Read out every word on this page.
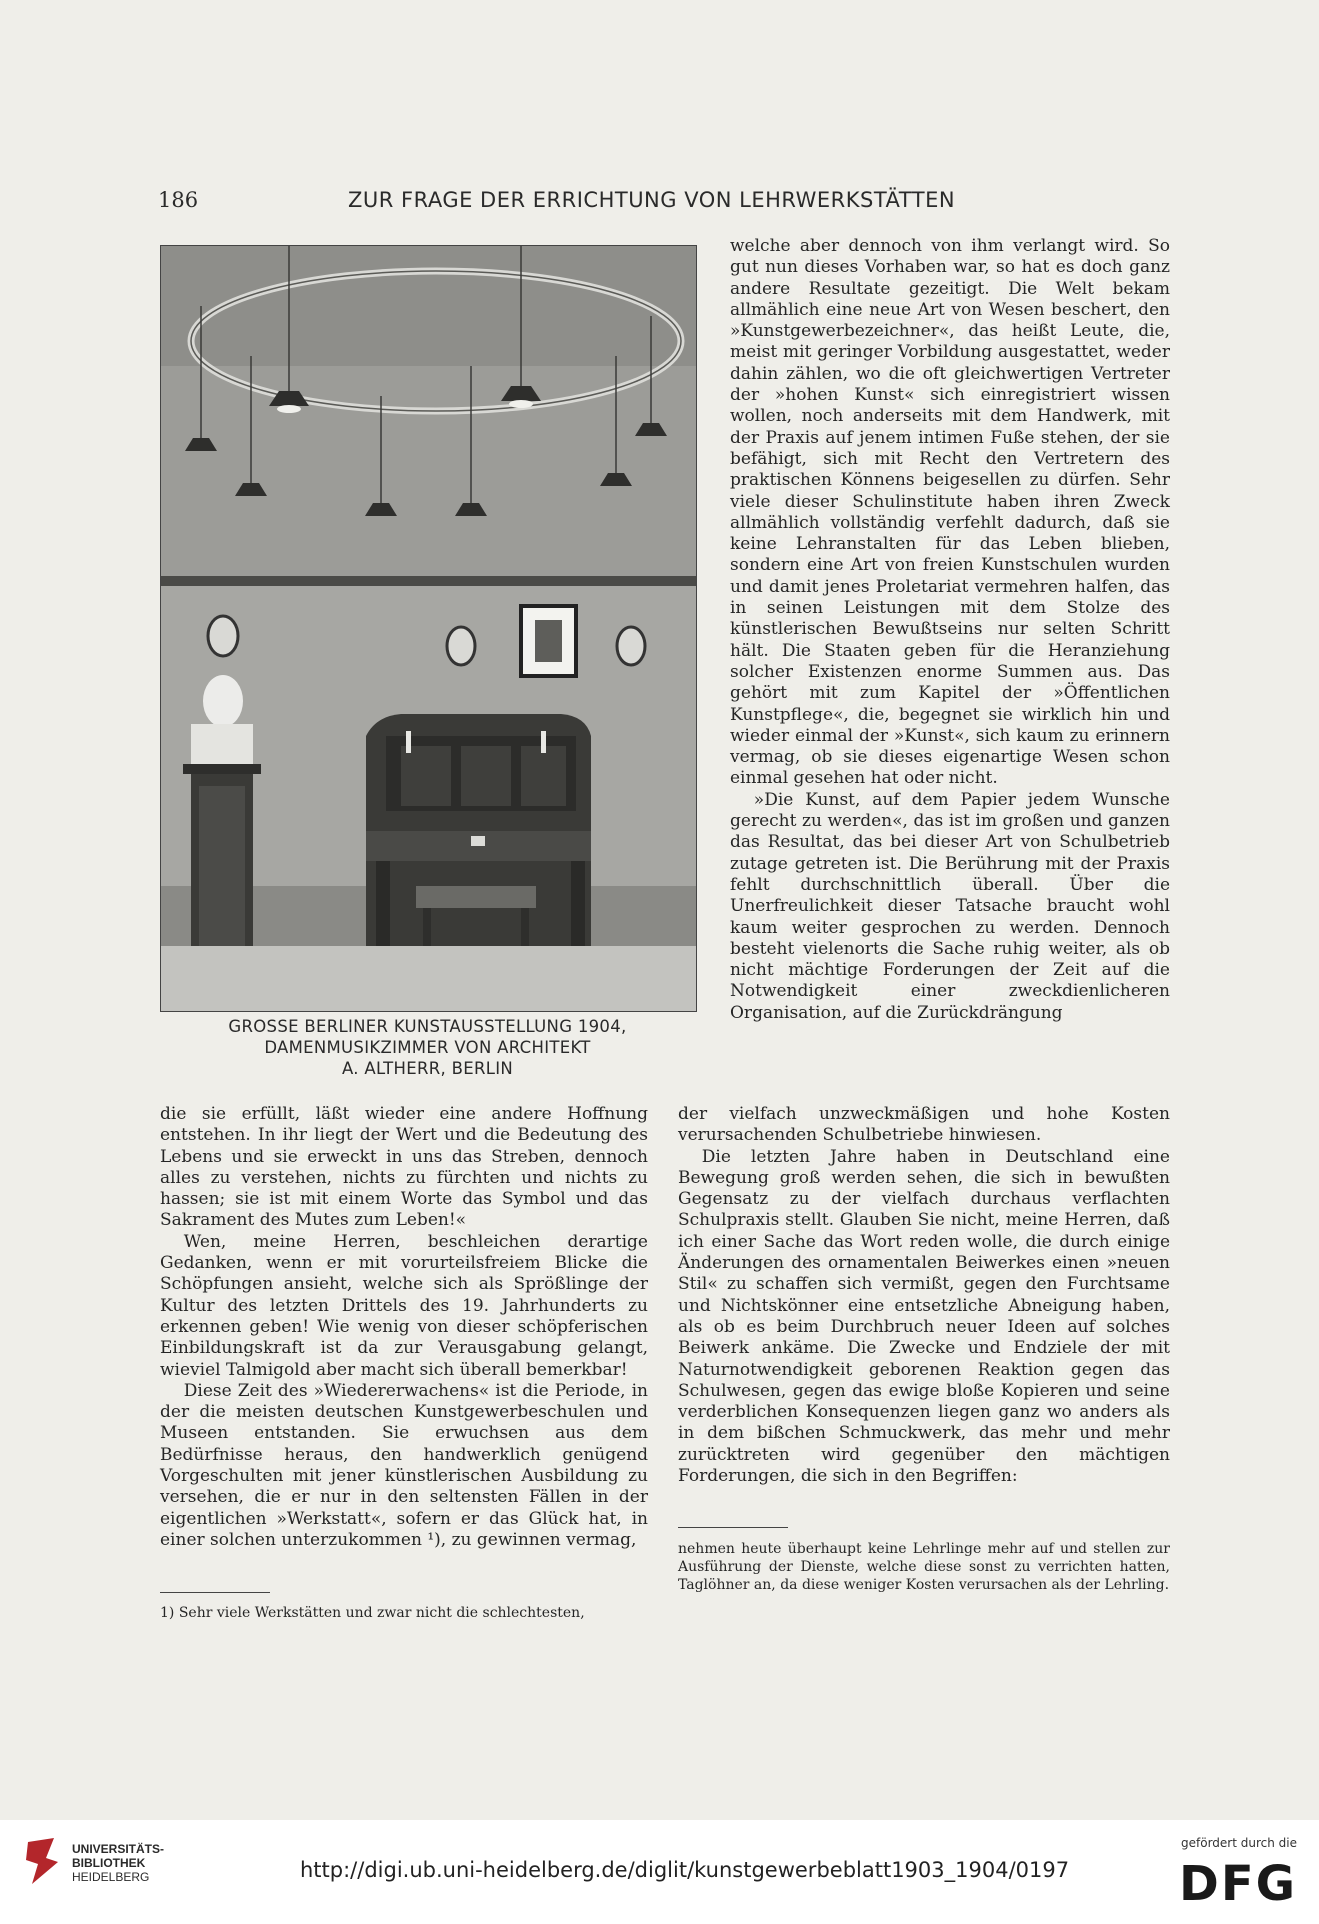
186	ZUR FRAGE DER ERRICHTUNG VON LEHRWERKSTÄTTEN
GROSSE BERLINER KUNSTAUSSTELLUNG 1904,
DAMENMUSIKZIMMER VON ARCHITEKT
A. ALTHERR, BERLIN

welche aber dennoch von ihm verlangt wird. So gut nun dieses Vorhaben war, so hat es doch ganz andere Resultate gezeitigt. Die Welt bekam allmählich eine neue Art von Wesen beschert, den »Kunstgewerbezeichner«, das heißt Leute, die, meist mit geringer Vorbildung ausgestattet, weder dahin zählen, wo die oft gleichwertigen Vertreter der »hohen Kunst« sich einregistriert wissen wollen, noch anderseits mit dem Handwerk, mit der Praxis auf jenem intimen Fuße stehen, der sie befähigt, sich mit Recht den Vertretern des praktischen Könnens beigesellen zu dürfen. Sehr viele dieser Schulinstitute haben ihren Zweck allmählich vollständig verfehlt dadurch, daß sie keine Lehranstalten für das Leben blieben, sondern eine Art von freien Kunstschulen wurden und damit jenes Proletariat vermehren halfen, das in seinen Leistungen mit dem Stolze des künstlerischen Bewußtseins nur selten Schritt hält. Die Staaten geben für die Heranziehung solcher Existenzen enorme Summen aus. Das gehört mit zum Kapitel der »Öffentlichen Kunstpflege«, die, begegnet sie wirklich hin und wieder einmal der »Kunst«, sich kaum zu erinnern vermag, ob sie dieses eigenartige Wesen schon einmal gesehen hat oder nicht.

»Die Kunst, auf dem Papier jedem Wunsche gerecht zu werden«, das ist im großen und ganzen das Resultat, das bei dieser Art von Schulbetrieb zutage getreten ist. Die Berührung mit der Praxis fehlt durchschnittlich überall. Über die Unerfreulichkeit dieser Tatsache braucht wohl kaum weiter gesprochen zu werden. Dennoch besteht vielenorts die Sache ruhig weiter, als ob nicht mächtige Forderungen der Zeit auf die Notwendigkeit einer zweckdienlicheren Organisation, auf die Zurückdrängung

die sie erfüllt, läßt wieder eine andere Hoffnung entstehen. In ihr liegt der Wert und die Bedeutung des Lebens und sie erweckt in uns das Streben, dennoch alles zu verstehen, nichts zu fürchten und nichts zu hassen; sie ist mit einem Worte das Symbol und das Sakrament des Mutes zum Leben!«

Wen, meine Herren, beschleichen derartige Gedanken, wenn er mit vorurteilsfreiem Blicke die Schöpfungen ansieht, welche sich als Sprößlinge der Kultur des letzten Drittels des 19. Jahrhunderts zu erkennen geben! Wie wenig von dieser schöpferischen Einbildungskraft ist da zur Verausgabung gelangt, wieviel Talmigold aber macht sich überall bemerkbar!

Diese Zeit des »Wiedererwachens« ist die Periode, in der die meisten deutschen Kunstgewerbeschulen und Museen entstanden. Sie erwuchsen aus dem Bedürfnisse heraus, den handwerklich genügend Vorgeschulten mit jener künstlerischen Ausbildung zu versehen, die er nur in den seltensten Fällen in der eigentlichen »Werkstatt«, sofern er das Glück hat, in einer solchen unterzukommen ¹), zu gewinnen vermag,

der vielfach unzweckmäßigen und hohe Kosten verursachenden Schulbetriebe hinwiesen.

Die letzten Jahre haben in Deutschland eine Bewegung groß werden sehen, die sich in bewußten Gegensatz zu der vielfach durchaus verflachten Schulpraxis stellt. Glauben Sie nicht, meine Herren, daß ich einer Sache das Wort reden wolle, die durch einige Änderungen des ornamentalen Beiwerkes einen »neuen Stil« zu schaffen sich vermißt, gegen den Furchtsame und Nichtskönner eine entsetzliche Abneigung haben, als ob es beim Durchbruch neuer Ideen auf solches Beiwerk ankäme. Die Zwecke und Endziele der mit Naturnotwendigkeit geborenen Reaktion gegen das Schulwesen, gegen das ewige bloße Kopieren und seine verderblichen Konsequenzen liegen ganz wo anders als in dem bißchen Schmuckwerk, das mehr und mehr zurücktreten wird gegenüber den mächtigen Forderungen, die sich in den Begriffen:

1) Sehr viele Werkstätten und zwar nicht die schlechtesten,
nehmen heute überhaupt keine Lehrlinge mehr auf und stellen zur Ausführung der Dienste, welche diese sonst zu verrichten hatten, Taglöhner an, da diese weniger Kosten verursachen als der Lehrling.
UNIVERSITÄTS-
BIBLIOTHEK
HEIDELBERG	http://digi.ub.uni-heidelberg.de/diglit/kunstgewerbeblatt1903_1904/0197
gefördert durch die
DFG
